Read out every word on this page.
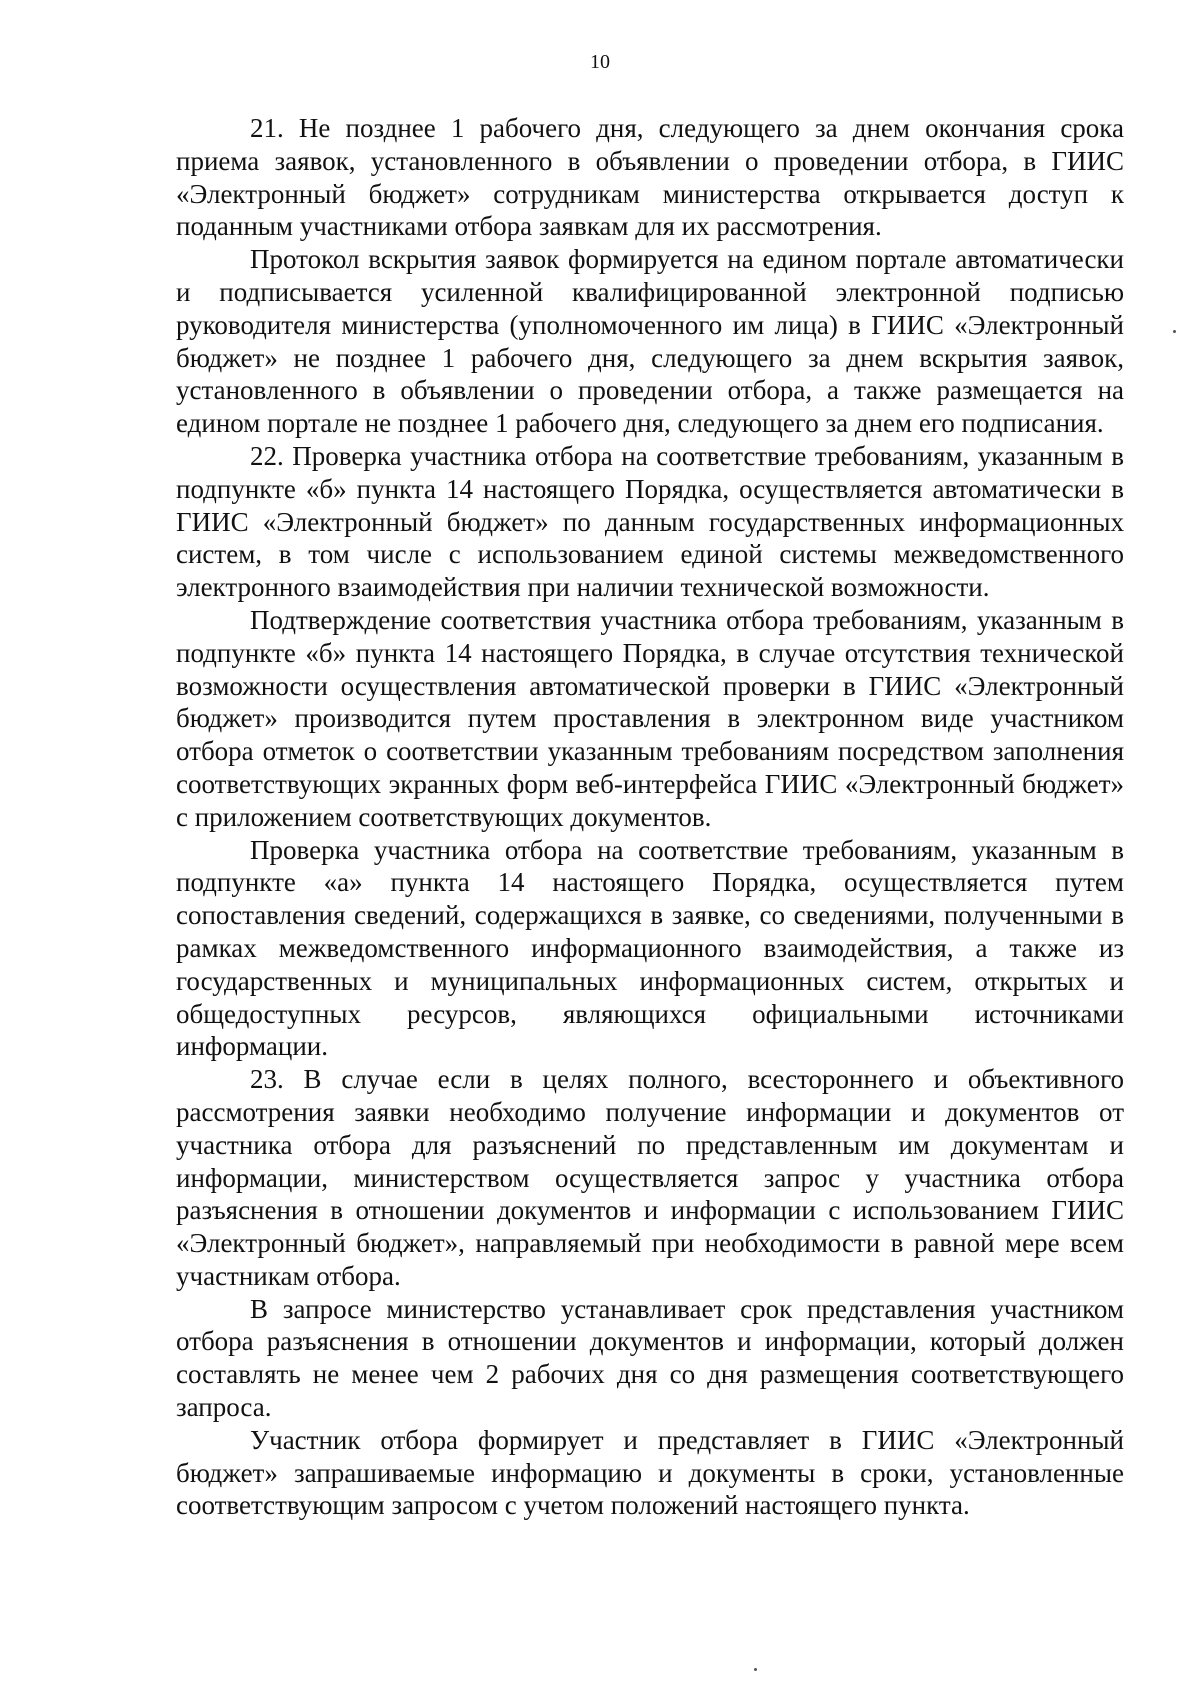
10

21. Не позднее 1 рабочего дня, следующего за днем окончания срока приема заявок, установленного в объявлении о проведении отбора, в ГИИС «Электронный бюджет» сотрудникам министерства открывается доступ к поданным участниками отбора заявкам для их рассмотрения.

Протокол вскрытия заявок формируется на едином портале автоматически и подписывается усиленной квалифицированной электронной подписью руководителя министерства (уполномоченного им лица) в ГИИС «Электронный бюджет» не позднее 1 рабочего дня, следующего за днем вскрытия заявок, установленного в объявлении о проведении отбора, а также размещается на едином портале не позднее 1 рабочего дня, следующего за днем его подписания.

22. Проверка участника отбора на соответствие требованиям, указанным в подпункте «б» пункта 14 настоящего Порядка, осуществляется автоматически в ГИИС «Электронный бюджет» по данным государственных информационных систем, в том числе с использованием единой системы межведомственного электронного взаимодействия при наличии технической возможности.

Подтверждение соответствия участника отбора требованиям, указанным в подпункте «б» пункта 14 настоящего Порядка, в случае отсутствия технической возможности осуществления автоматической проверки в ГИИС «Электронный бюджет» производится путем проставления в электронном виде участником отбора отметок о соответствии указанным требованиям посредством заполнения соответствующих экранных форм веб-интерфейса ГИИС «Электронный бюджет» с приложением соответствующих документов.

Проверка участника отбора на соответствие требованиям, указанным в подпункте «а» пункта 14 настоящего Порядка, осуществляется путем сопоставления сведений, содержащихся в заявке, со сведениями, полученными в рамках межведомственного информационного взаимодействия, а также из государственных и муниципальных информационных систем, открытых и общедоступных ресурсов, являющихся официальными источниками информации.

23. В случае если в целях полного, всестороннего и объективного рассмотрения заявки необходимо получение информации и документов от участника отбора для разъяснений по представленным им документам и информации, министерством осуществляется запрос у участника отбора разъяснения в отношении документов и информации с использованием ГИИС «Электронный бюджет», направляемый при необходимости в равной мере всем участникам отбора.

В запросе министерство устанавливает срок представления участником отбора разъяснения в отношении документов и информации, который должен составлять не менее чем 2 рабочих дня со дня размещения соответствующего запроса.

Участник отбора формирует и представляет в ГИИС «Электронный бюджет» запрашиваемые информацию и документы в сроки, установленные соответствующим запросом с учетом положений настоящего пункта.
